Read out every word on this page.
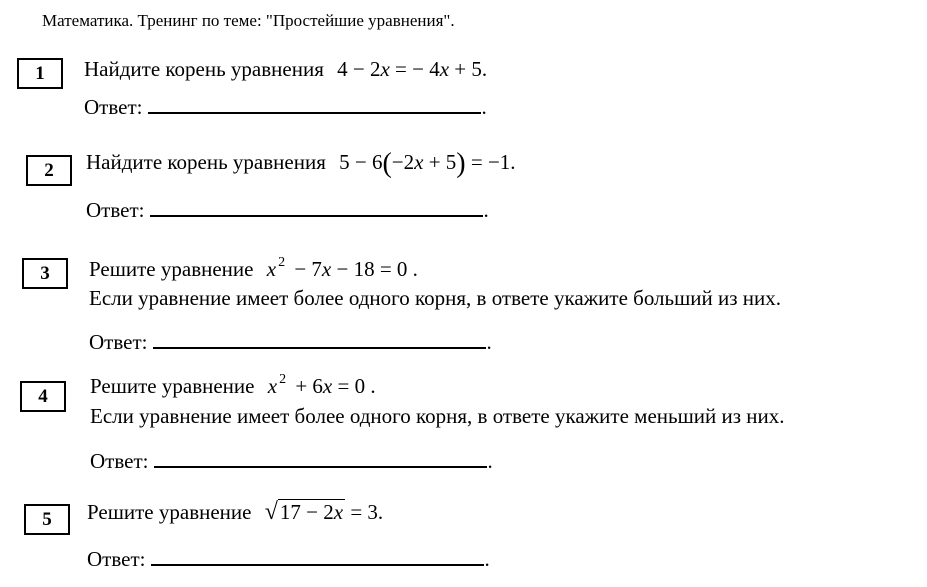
Математика. Тренинг по теме: "Простейшие уравнения".
1	Найдите корень уравнения 4 − 2x = − 4x + 5.
Ответ:	.
2	Найдите корень уравнения 5 − 6(−2x + 5) = −1.
Ответ:	.
3	Решите уравнение x $^2$ − 7x − 18 = 0 .
Если уравнение имеет более одного корня, в ответе укажите больший из них.
Ответ:	.
4	Решите уравнение x $^2$ + 6x = 0 .
Если уравнение имеет более одного корня, в ответе укажите меньший из них.
Ответ:	.
5	Решите уравнение √17 − 2x = 3.
Ответ:	.
